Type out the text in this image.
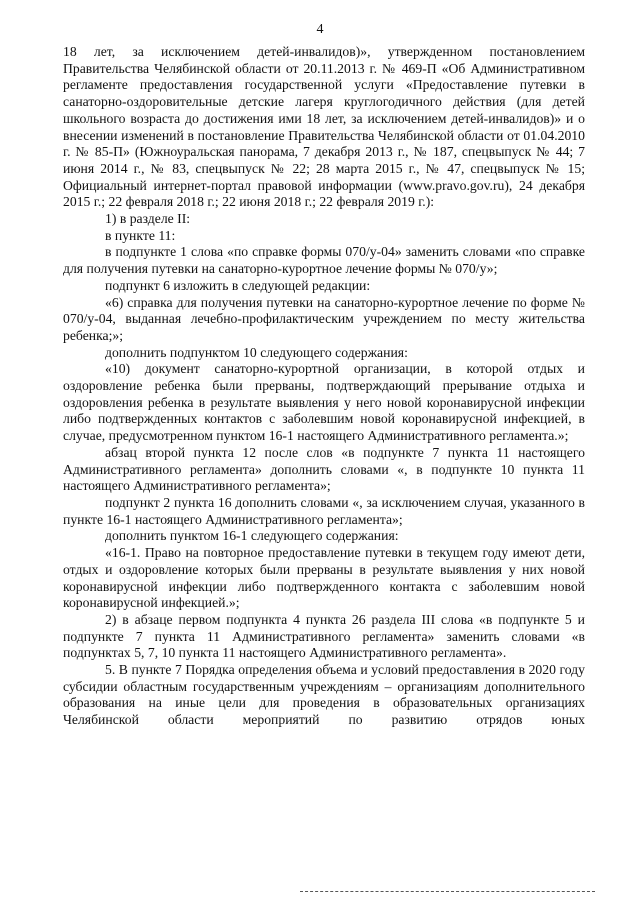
4

18 лет, за исключением детей-инвалидов)», утвержденном постановлением Правительства Челябинской области от 20.11.2013 г. № 469-П «Об Административном регламенте предоставления государственной услуги «Предоставление путевки в санаторно-оздоровительные детские лагеря круглогодичного действия (для детей школьного возраста до достижения ими 18 лет, за исключением детей-инвалидов)» и о внесении изменений в постановление Правительства Челябинской области от 01.04.2010 г. № 85-П» (Южноуральская панорама, 7 декабря 2013 г., № 187, спецвыпуск № 44; 7 июня 2014 г., № 83, спецвыпуск № 22; 28 марта 2015 г., № 47, спецвыпуск № 15; Официальный интернет-портал правовой информации (www.pravo.gov.ru), 24 декабря 2015 г.; 22 февраля 2018 г.; 22 июня 2018 г.; 22 февраля 2019 г.):

1) в разделе II:

в пункте 11:

в подпункте 1 слова «по справке формы 070/у-04» заменить словами «по справке для получения путевки на санаторно-курортное лечение формы № 070/у»;

подпункт 6 изложить в следующей редакции:

«6) справка для получения путевки на санаторно-курортное лечение по форме № 070/у-04, выданная лечебно-профилактическим учреждением по месту жительства ребенка;»;

дополнить подпунктом 10 следующего содержания:

«10) документ санаторно-курортной организации, в которой отдых и оздоровление ребенка были прерваны, подтверждающий прерывание отдыха и оздоровления ребенка в результате выявления у него новой коронавирусной инфекции либо подтвержденных контактов с заболевшим новой коронавирусной инфекцией, в случае, предусмотренном пунктом 16-1 настоящего Административного регламента.»;

абзац второй пункта 12 после слов «в подпункте 7 пункта 11 настоящего Административного регламента» дополнить словами «, в подпункте 10 пункта 11 настоящего Административного регламента»;

подпункт 2 пункта 16 дополнить словами «, за исключением случая, указанного в пункте 16-1 настоящего Административного регламента»;

дополнить пунктом 16-1 следующего содержания:

«16-1. Право на повторное предоставление путевки в текущем году имеют дети, отдых и оздоровление которых были прерваны в результате выявления у них новой коронавирусной инфекции либо подтвержденного контакта с заболевшим новой коронавирусной инфекцией.»;

2) в абзаце первом подпункта 4 пункта 26 раздела III слова «в подпункте 5 и подпункте 7 пункта 11 Административного регламента» заменить словами «в подпунктах 5, 7, 10 пункта 11 настоящего Административного регламента».

5. В пункте 7 Порядка определения объема и условий предоставления в 2020 году субсидии областным государственным учреждениям – организациям дополнительного образования на иные цели для проведения в образовательных организациях Челябинской области мероприятий по развитию отрядов юных
